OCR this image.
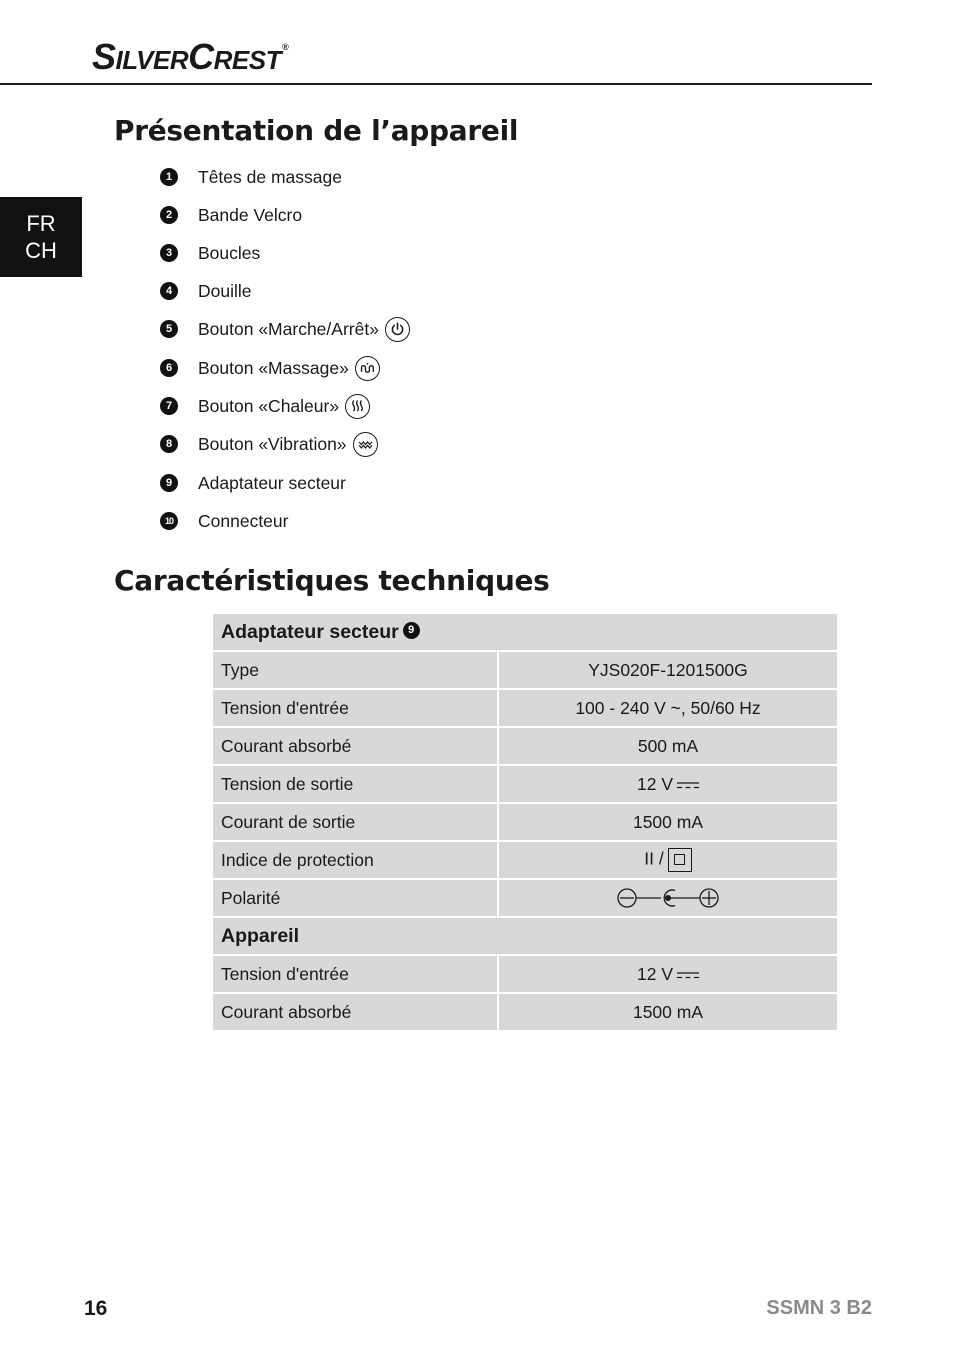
SILVERCREST®
FR
CH
Présentation de l’appareil
1	Têtes de massage
2	Bande Velcro
3	Boucles
4	Douille
5	Bouton «Marche/Arrêt»
6	Bouton «Massage»
7	Bouton «Chaleur»
8	Bouton «Vibration»
9	Adaptateur secteur
10 Connecteur
Caractéristiques techniques
Adaptateur secteur 9	
Type	YJS020F-1201500G
Tension d'entrée	100 - 240 V ~, 50/60 Hz
Courant absorbé	500 mA
Tension de sortie	12 V
Courant de sortie	1500 mA
Indice de protection	II /
Polarité	
Appareil	
Tension d'entrée	12 V
Courant absorbé	1500 mA
16	SSMN 3 B2
